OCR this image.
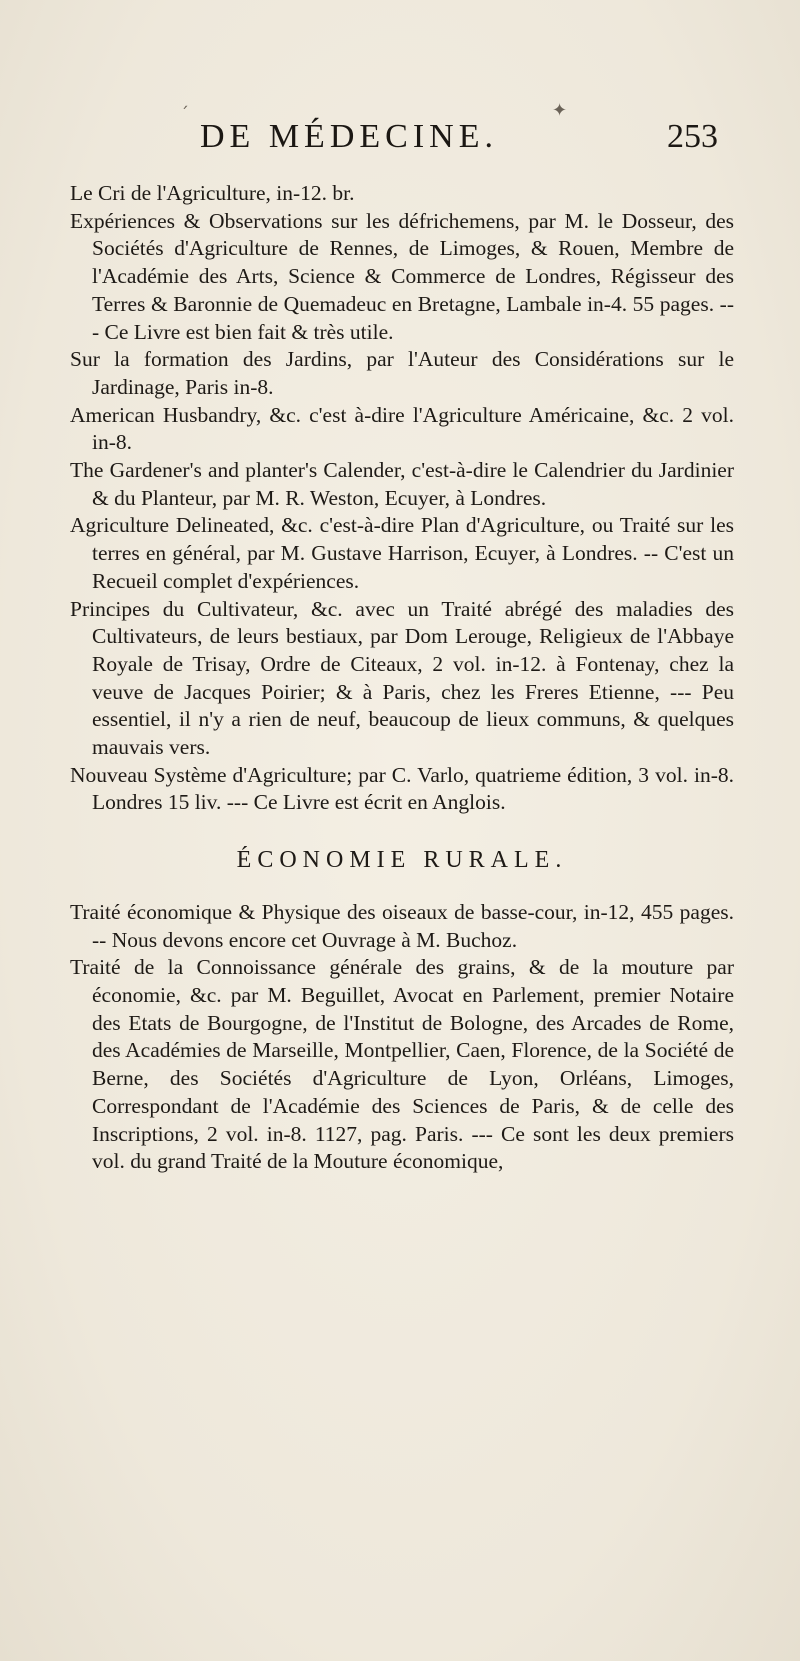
ˊ	✦
DE MÉDECINE.	253

Le Cri de l'Agriculture, in-12. br.

Expériences & Observations sur les défrichemens, par M. le Dosseur, des Sociétés d'Agriculture de Rennes, de Limoges, & Rouen, Membre de l'Académie des Arts, Science & Commerce de Londres, Régisseur des Terres & Baronnie de Quemadeuc en Bretagne, Lambale in-4. 55 pages. --- Ce Livre est bien fait & très utile.

Sur la formation des Jardins, par l'Auteur des Considérations sur le Jardinage, Paris in-8.

American Husbandry, &c. c'est à-dire l'Agriculture Américaine, &c. 2 vol. in-8.

The Gardener's and planter's Calender, c'est-à-dire le Calendrier du Jardinier & du Planteur, par M. R. Weston, Ecuyer, à Londres.

Agriculture Delineated, &c. c'est-à-dire Plan d'Agriculture, ou Traité sur les terres en général, par M. Gustave Harrison, Ecuyer, à Londres. -- C'est un Recueil complet d'expériences.

Principes du Cultivateur, &c. avec un Traité abrégé des maladies des Cultivateurs, de leurs bestiaux, par Dom Lerouge, Religieux de l'Abbaye Royale de Trisay, Ordre de Citeaux, 2 vol. in-12. à Fontenay, chez la veuve de Jacques Poirier; & à Paris, chez les Freres Etienne, --- Peu essentiel, il n'y a rien de neuf, beaucoup de lieux communs, & quelques mauvais vers.

Nouveau Système d'Agriculture; par C. Varlo, quatrieme édition, 3 vol. in-8. Londres 15 liv. --- Ce Livre est écrit en Anglois.

ÉCONOMIE RURALE.

Traité économique & Physique des oiseaux de basse-cour, in-12, 455 pages. -- Nous devons encore cet Ouvrage à M. Buchoz.

Traité de la Connoissance générale des grains, & de la mouture par économie, &c. par M. Beguillet, Avocat en Parlement, premier Notaire des Etats de Bourgogne, de l'Institut de Bologne, des Arcades de Rome, des Académies de Marseille, Montpellier, Caen, Florence, de la Société de Berne, des Sociétés d'Agriculture de Lyon, Orléans, Limoges, Correspondant de l'Académie des Sciences de Paris, & de celle des Inscriptions, 2 vol. in-8. 1127, pag. Paris. --- Ce sont les deux premiers vol. du grand Traité de la Mouture économique,
